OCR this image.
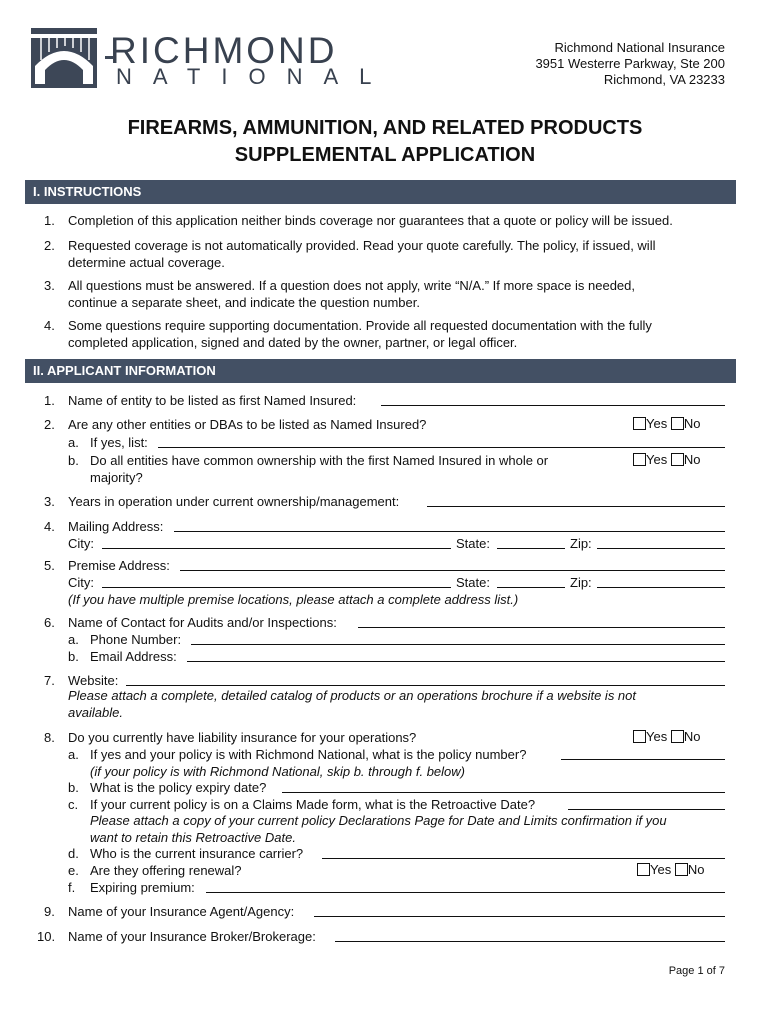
RICHMOND
NATIONAL
Richmond National Insurance
3951 Westerre Parkway, Ste 200
Richmond, VA 23233
FIREARMS, AMMUNITION, AND RELATED PRODUCTS
SUPPLEMENTAL APPLICATION
I. INSTRUCTIONS
1. Completion of this application neither binds coverage nor guarantees that a quote or policy will be issued.
2. Requested coverage is not automatically provided. Read your quote carefully. The policy, if issued, will
determine actual coverage.
3. All questions must be answered. If a question does not apply, write “N/A.” If more space is needed,
continue a separate sheet, and indicate the question number.
4. Some questions require supporting documentation. Provide all requested documentation with the fully
completed application, signed and dated by the owner, partner, or legal officer.
II. APPLICANT INFORMATION
1. Name of entity to be listed as first Named Insured:
2. Are any other entities or DBAs to be listed as Named Insured?	Yes No
a. If yes, list:
b. Do all entities have common ownership with the first Named Insured in whole or
majority?
Yes No
3. Years in operation under current ownership/management:
4. Mailing Address:
City:	State:	Zip:
5. Premise Address:
City:	State:	Zip:
(If you have multiple premise locations, please attach a complete address list.)
6. Name of Contact for Audits and/or Inspections:
a. Phone Number:
b. Email Address:
7. Website:
Please attach a complete, detailed catalog of products or an operations brochure if a website is not
available.
8. Do you currently have liability insurance for your operations?	Yes No
a. If yes and your policy is with Richmond National, what is the policy number?
(if your policy is with Richmond National, skip b. through f. below)
b. What is the policy expiry date?
c. If your current policy is on a Claims Made form, what is the Retroactive Date?
Please attach a copy of your current policy Declarations Page for Date and Limits confirmation if you
want to retain this Retroactive Date.
d. Who is the current insurance carrier?
e. Are they offering renewal?	Yes No
f. Expiring premium:
9. Name of your Insurance Agent/Agency:
10. Name of your Insurance Broker/Brokerage:
Page 1 of 7
